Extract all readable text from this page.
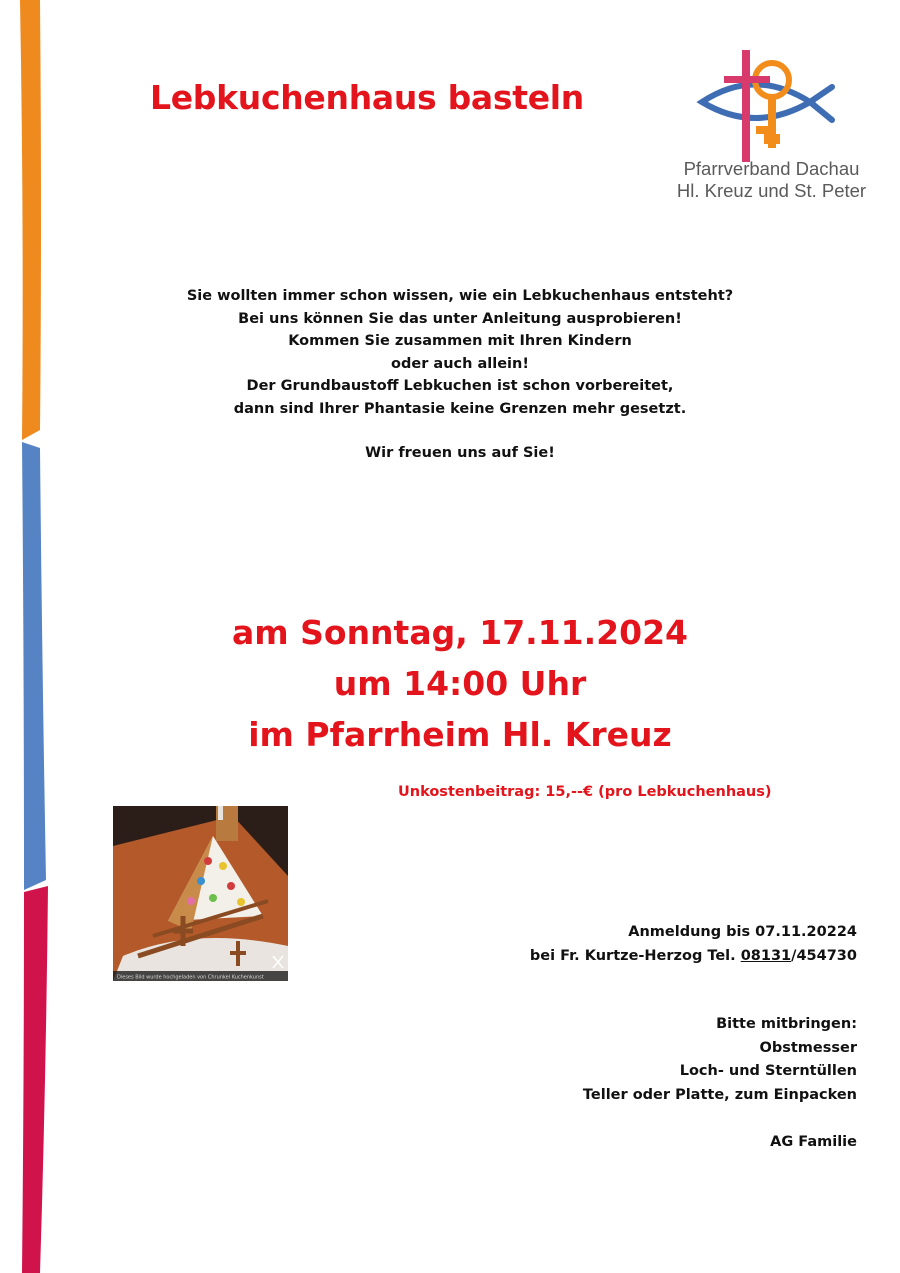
Lebkuchenhaus basteln
Pfarrverband Dachau
Hl. Kreuz und St. Peter
Sie wollten immer schon wissen, wie ein Lebkuchenhaus entsteht?
Bei uns können Sie das unter Anleitung ausprobieren!
Kommen Sie zusammen mit Ihren Kindern
oder auch allein!
Der Grundbaustoff Lebkuchen ist schon vorbereitet,
dann sind Ihrer Phantasie keine Grenzen mehr gesetzt.
Wir freuen uns auf Sie!
am Sonntag, 17.11.2024
um 14:00 Uhr
im Pfarrheim Hl. Kreuz
Unkostenbeitrag: 15,--€ (pro Lebkuchenhaus)
Dieses Bild wurde hochgeladen von Chrunkel Kuchenkunst
Anmeldung bis 07.11.20224
bei Fr. Kurtze-Herzog Tel. 08131/454730
Bitte mitbringen:
Obstmesser
Loch- und Sterntüllen
Teller oder Platte, zum Einpacken
AG Familie
